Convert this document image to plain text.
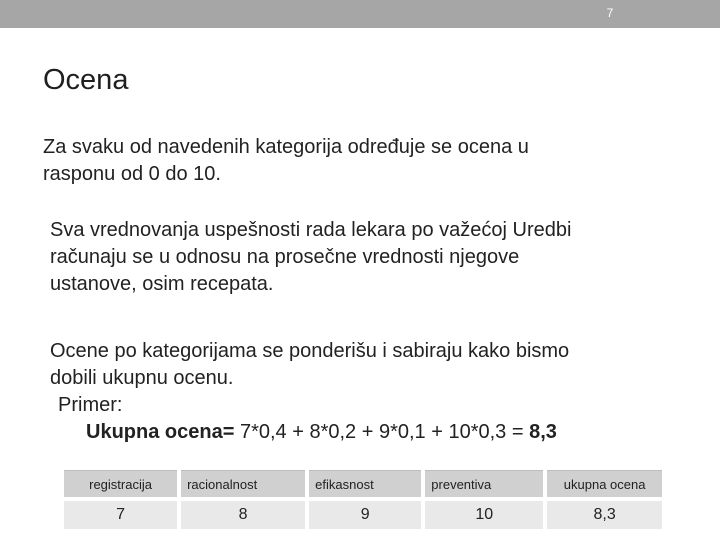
7
Ocena

Za svaku od navedenih kategorija određuje se ocena u
rasponu od 0 do 10.

Sva vrednovanja uspešnosti rada lekara po važećoj Uredbi
računaju se u odnosu na prosečne vrednosti njegove
ustanove, osim recepata.

Ocene po kategorijama se ponderišu i sabiraju kako bismo
dobili ukupnu ocenu.
Primer:
Ukupna ocena= 7*0,4 + 8*0,2 + 9*0,1 + 10*0,3 = 8,3

registracija	racionalnost	efikasnost	preventiva	ukupna ocena
7	8	9	10	8,3
